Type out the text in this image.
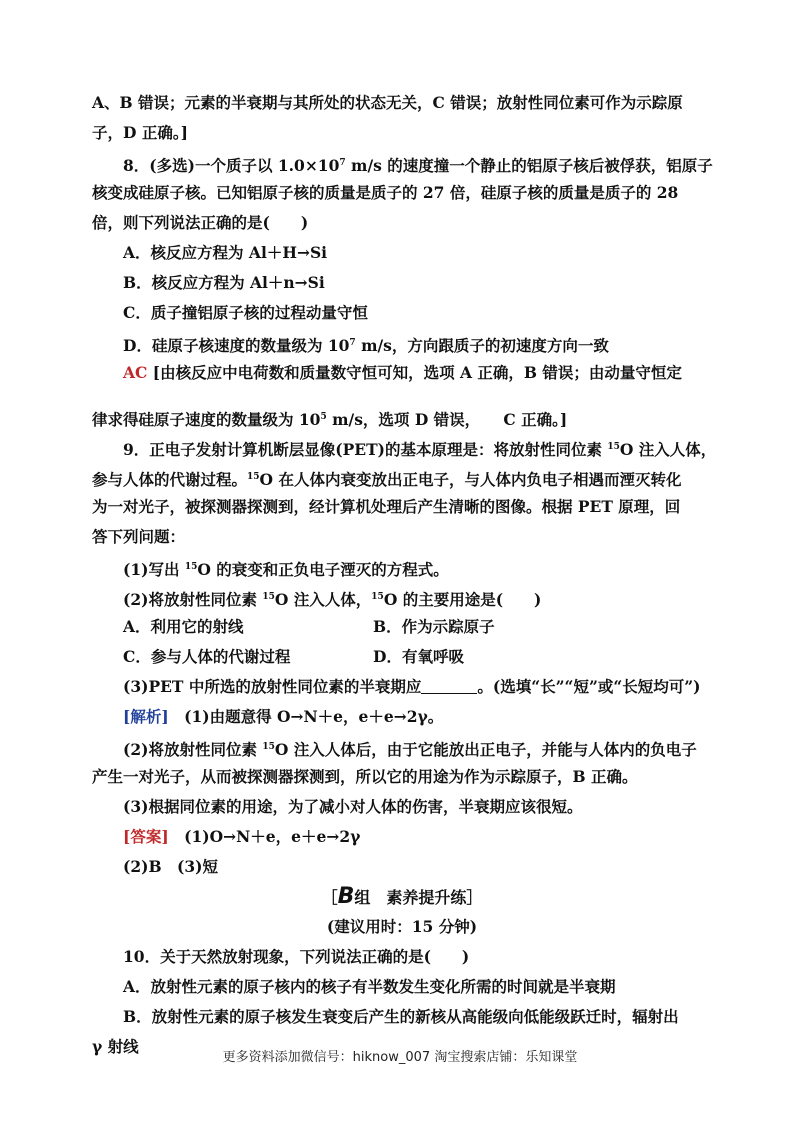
A、B 错误；元素的半衰期与其所处的状态无关，C 错误；放射性同位素可作为示踪原
子，D 正确。]
8．(多选)一个质子以 $1.0\times 10^7$ m/s 的速度撞一个静止的铝原子核后被俘获，铝原子
核变成硅原子核。已知铝原子核的质量是质子的 27 倍，硅原子核的质量是质子的 28
倍，则下列说法正确的是(　　)
A．核反应方程为 Al＋H→Si
B．核反应方程为 Al＋n→Si
C．质子撞铝原子核的过程动量守恒
D．硅原子核速度的数量级为 $10^7$ m/s，方向跟质子的初速度方向一致
AC [由核反应中电荷数和质量数守恒可知，选项 A 正确，B 错误；由动量守恒定
律求得硅原子速度的数量级为 $10^5$ m/s，选项 D 错误，　　C 正确。]
9．正电子发射计算机断层显像(PET)的基本原理是：将放射性同位素 $^{15}$O 注入人体，
参与人体的代谢过程。$^{15}$O 在人体内衰变放出正电子，与人体内负电子相遇而湮灭转化
为一对光子，被探测器探测到，经计算机处理后产生清晰的图像。根据 PET 原理，回
答下列问题：
(1)写出 $^{15}$O 的衰变和正负电子湮灭的方程式。
(2)将放射性同位素 $^{15}$O 注入人体，$^{15}$O 的主要用途是(　　)
A．利用它的射线	B．作为示踪原子
C．参与人体的代谢过程	D．有氧呼吸
(3)PET 中所选的放射性同位素的半衰期应	。(选填“长”“短”或“长短均可”)
[解析]　(1)由题意得 O→N＋e，e＋e→2γ。
(2)将放射性同位素 $^{15}$O 注入人体后，由于它能放出正电子，并能与人体内的负电子
产生一对光子，从而被探测器探测到，所以它的用途为作为示踪原子，B 正确。
(3)根据同位素的用途，为了减小对人体的伤害，半衰期应该很短。
[答案]　(1)O→N＋e，e＋e→2γ
(2)B　(3)短
［B组　素养提升练］
(建议用时：15 分钟)
10．关于天然放射现象，下列说法正确的是(　　)
A．放射性元素的原子核内的核子有半数发生变化所需的时间就是半衰期
B．放射性元素的原子核发生衰变后产生的新核从高能级向低能级跃迁时，辐射出
γ 射线
更多资料添加微信号：hiknow_007 淘宝搜索店铺：乐知课堂
